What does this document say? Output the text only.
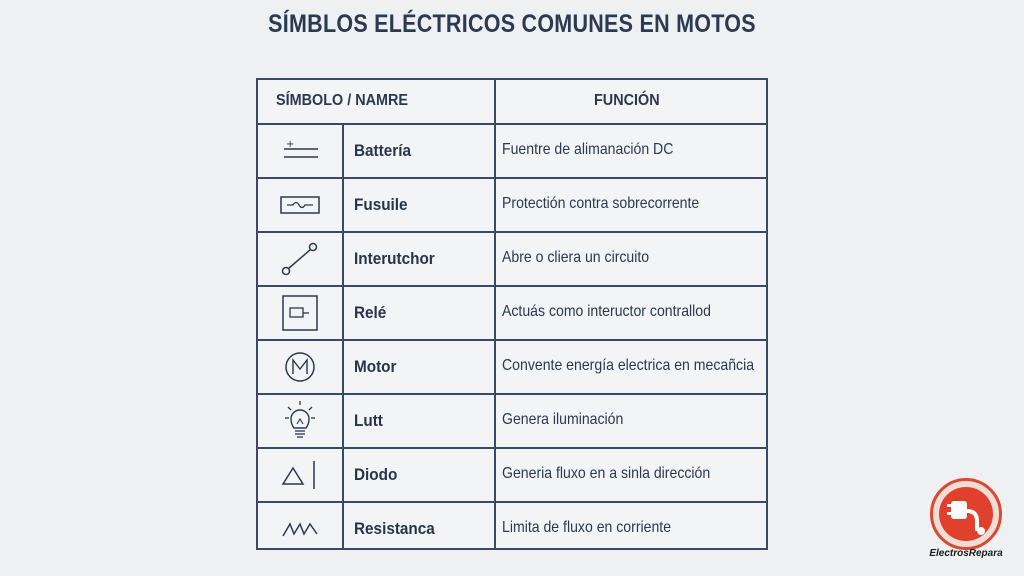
SÍMBLOS ELÉCTRICOS COMUNES EN MOTOS
SÍMBOLO / NAMRE	FUNCIÓN
+	Battería	Fuentre de alimanación DC
Fusuile	Protectión contra sobrecorrente
Interutchor	Abre o cliera un circuito
Relé	Actuás como inteructor contrallod
Motor	Convente energía electrica en mecañcia
Lutt	Genera iluminación
Diodo	Generia fluxo en a sinla dirección
Resistanca	Limita de fluxo en corriente
ElectrosRepara
